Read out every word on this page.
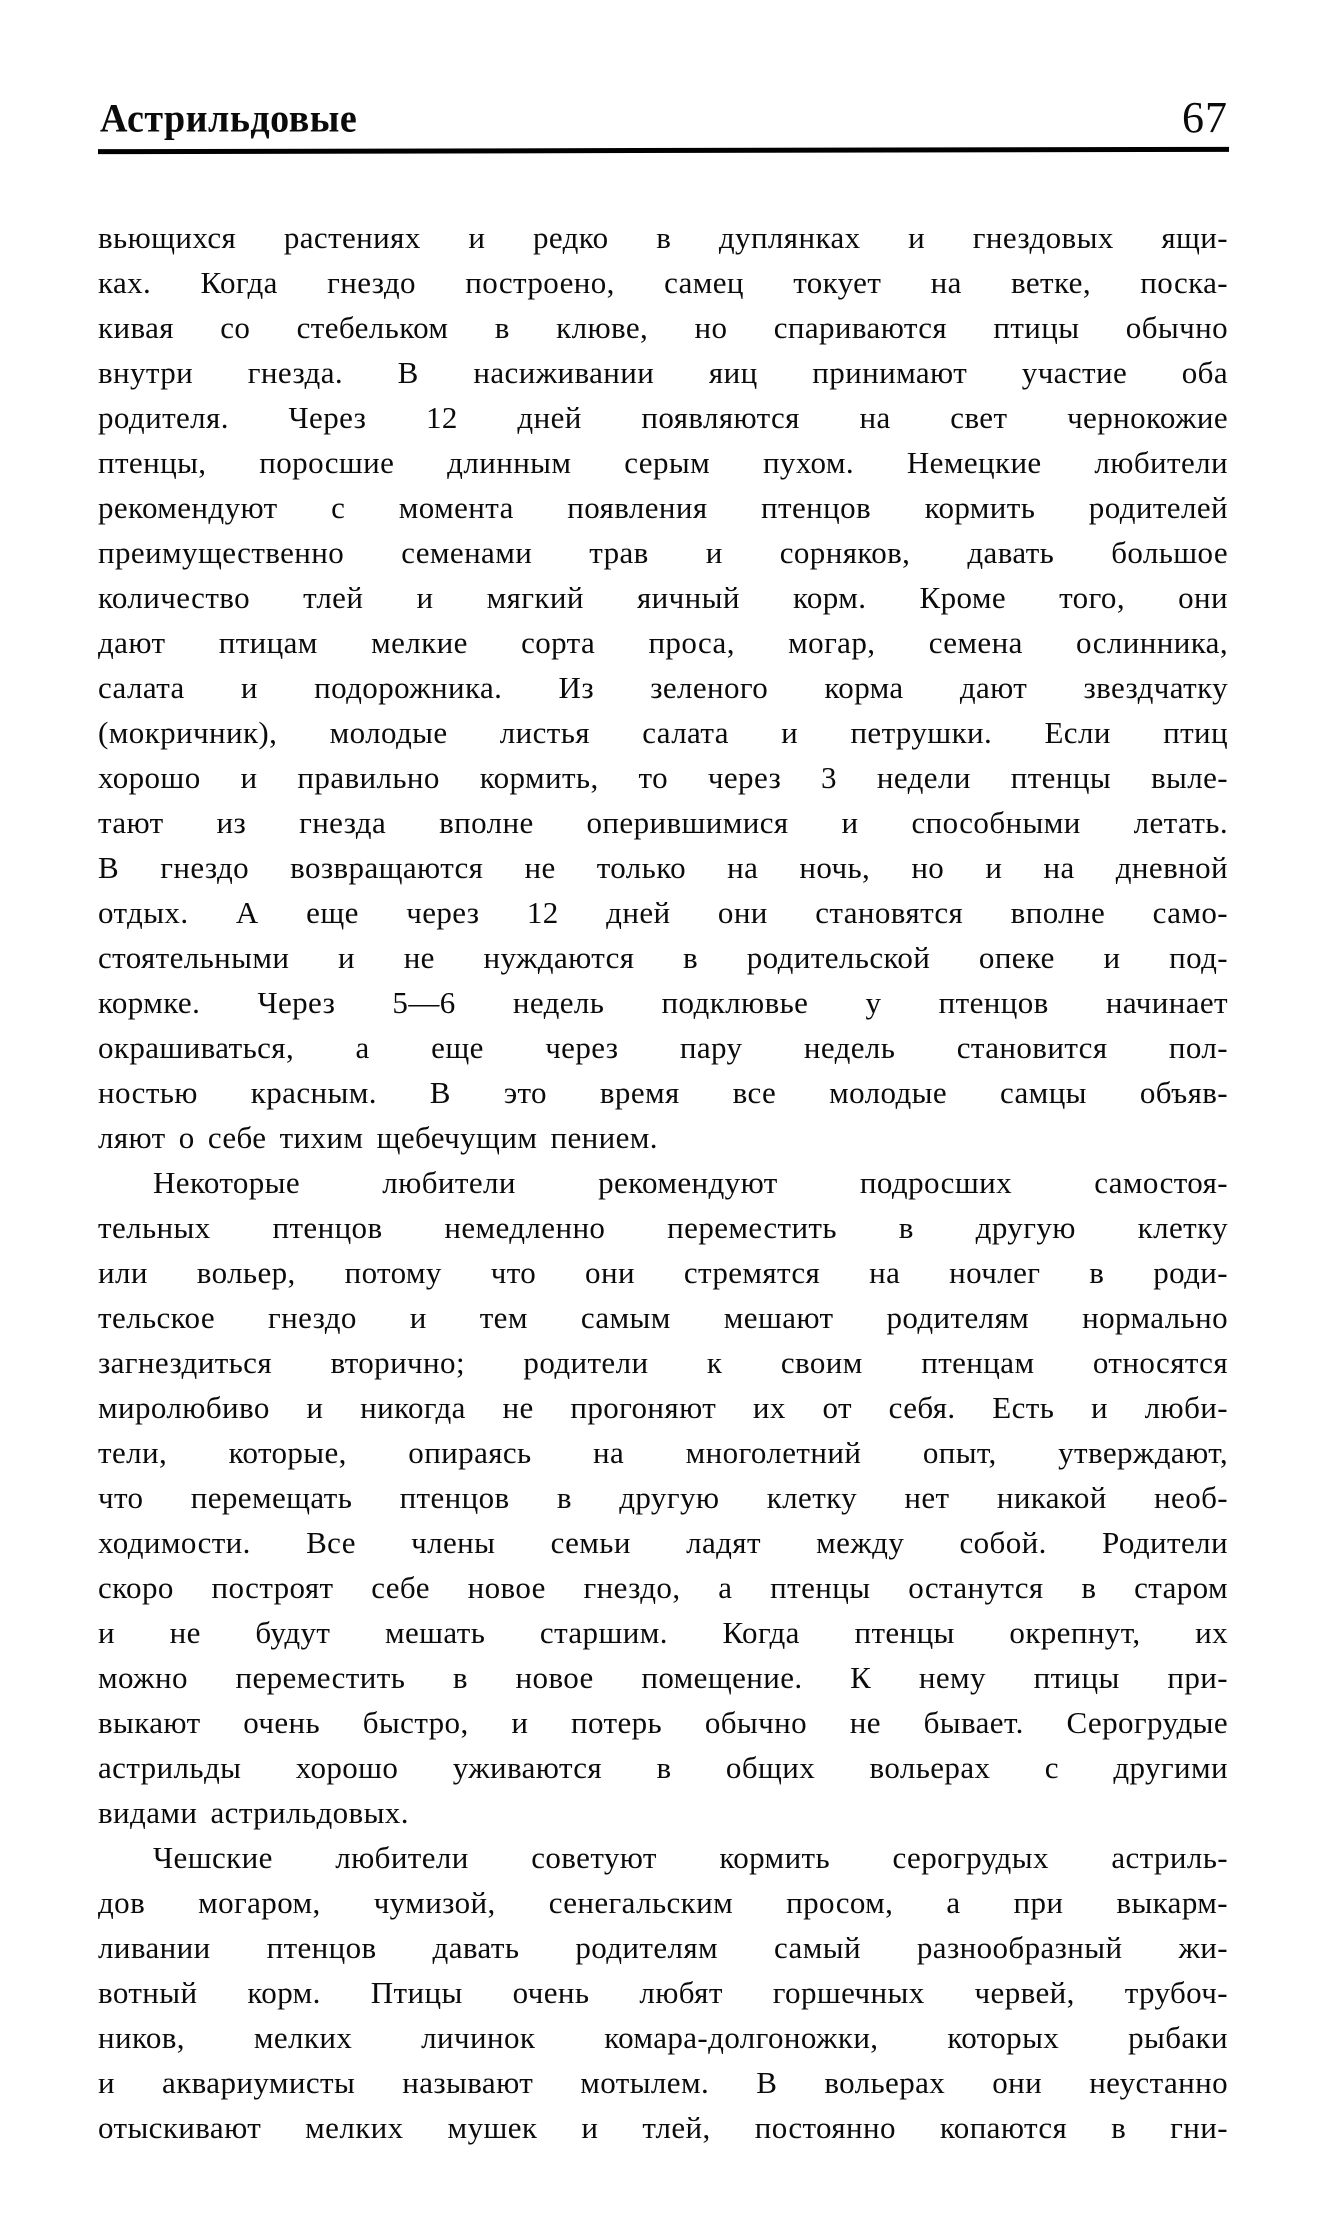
Астрильдовые	67
вьющихся растениях и редко в дуплянках и гнездовых ящи-
ках. Когда гнездо построено, самец токует на ветке, поска-
кивая со стебельком в клюве, но спариваются птицы обычно
внутри гнезда. В насиживании яиц принимают участие оба
родителя. Через 12 дней появляются на свет чернокожие
птенцы, поросшие длинным серым пухом. Немецкие любители
рекомендуют с момента появления птенцов кормить родителей
преимущественно семенами трав и сорняков, давать большое
количество тлей и мягкий яичный корм. Кроме того, они
дают птицам мелкие сорта проса, могар, семена ослинника,
салата и подорожника. Из зеленого корма дают звездчатку
(мокричник), молодые листья салата и петрушки. Если птиц
хорошо и правильно кормить, то через 3 недели птенцы выле-
тают из гнезда вполне оперившимися и способными летать.
В гнездо возвращаются не только на ночь, но и на дневной
отдых. А еще через 12 дней они становятся вполне само-
стоятельными и не нуждаются в родительской опеке и под-
кормке. Через 5—6 недель подклювье у птенцов начинает
окрашиваться, а еще через пару недель становится пол-
ностью красным. В это время все молодые самцы объяв-
ляют о себе тихим щебечущим пением.
Некоторые любители рекомендуют подросших самостоя-
тельных птенцов немедленно переместить в другую клетку
или вольер, потому что они стремятся на ночлег в роди-
тельское гнездо и тем самым мешают родителям нормально
загнездиться вторично; родители к своим птенцам относятся
миролюбиво и никогда не прогоняют их от себя. Есть и люби-
тели, которые, опираясь на многолетний опыт, утверждают,
что перемещать птенцов в другую клетку нет никакой необ-
ходимости. Все члены семьи ладят между собой. Родители
скоро построят себе новое гнездо, а птенцы останутся в старом
и не будут мешать старшим. Когда птенцы окрепнут, их
можно переместить в новое помещение. К нему птицы при-
выкают очень быстро, и потерь обычно не бывает. Серогрудые
астрильды хорошо уживаются в общих вольерах с другими
видами астрильдовых.
Чешские любители советуют кормить серогрудых астриль-
дов могаром, чумизой, сенегальским просом, а при выкарм-
ливании птенцов давать родителям самый разнообразный жи-
вотный корм. Птицы очень любят горшечных червей, трубоч-
ников, мелких личинок комара-долгоножки, которых рыбаки
и аквариумисты называют мотылем. В вольерах они неустанно
отыскивают мелких мушек и тлей, постоянно копаются в гни-
